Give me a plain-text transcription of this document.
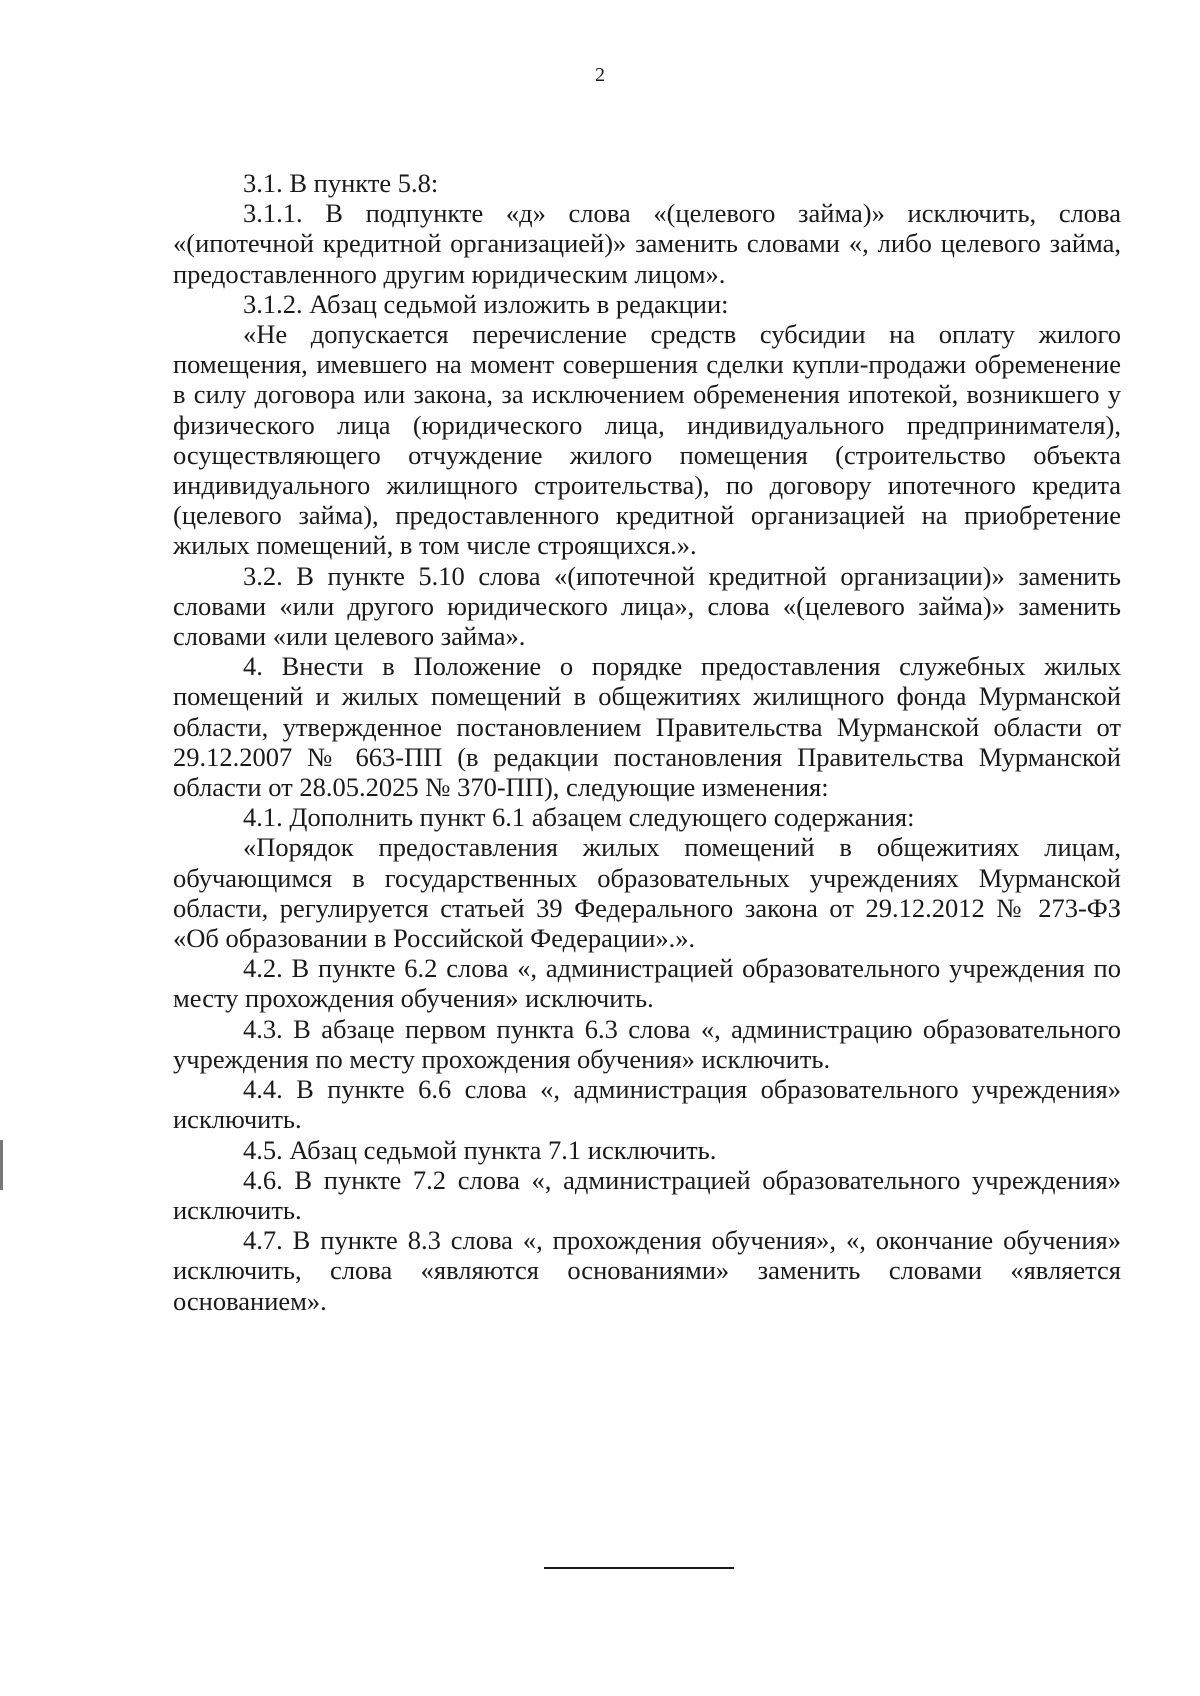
2

3.1. В пункте 5.8:

3.1.1. В подпункте «д» слова «(целевого займа)» исключить, слова «(ипотечной кредитной организацией)» заменить словами «, либо целевого займа, предоставленного другим юридическим лицом».

3.1.2. Абзац седьмой изложить в редакции:

«Не допускается перечисление средств субсидии на оплату жилого помещения, имевшего на момент совершения сделки купли-продажи обременение в силу договора или закона, за исключением обременения ипотекой, возникшего у физического лица (юридического лица, индивидуального предпринимателя), осуществляющего отчуждение жилого помещения (строительство объекта индивидуального жилищного строительства), по договору ипотечного кредита (целевого займа), предоставленного кредитной организацией на приобретение жилых помещений, в том числе строящихся.».

3.2. В пункте 5.10 слова «(ипотечной кредитной организации)» заменить словами «или другого юридического лица», слова «(целевого займа)» заменить словами «или целевого займа».

4. Внести в Положение о порядке предоставления служебных жилых помещений и жилых помещений в общежитиях жилищного фонда Мурманской области, утвержденное постановлением Правительства Мурманской области от 29.12.2007 № 663-ПП (в редакции постановления Правительства Мурманской области от 28.05.2025 № 370-ПП), следующие изменения:

4.1. Дополнить пункт 6.1 абзацем следующего содержания:

«Порядок предоставления жилых помещений в общежитиях лицам, обучающимся в государственных образовательных учреждениях Мурманской области, регулируется статьей 39 Федерального закона от 29.12.2012 № 273-ФЗ «Об образовании в Российской Федерации».».

4.2. В пункте 6.2 слова «, администрацией образовательного учреждения по месту прохождения обучения» исключить.

4.3. В абзаце первом пункта 6.3 слова «, администрацию образовательного учреждения по месту прохождения обучения» исключить.

4.4. В пункте 6.6 слова «, администрация образовательного учреждения» исключить.

4.5. Абзац седьмой пункта 7.1 исключить.

4.6. В пункте 7.2 слова «, администрацией образовательного учреждения» исключить.

4.7. В пункте 8.3 слова «, прохождения обучения», «, окончание обучения» исключить, слова «являются основаниями» заменить словами «является основанием».
